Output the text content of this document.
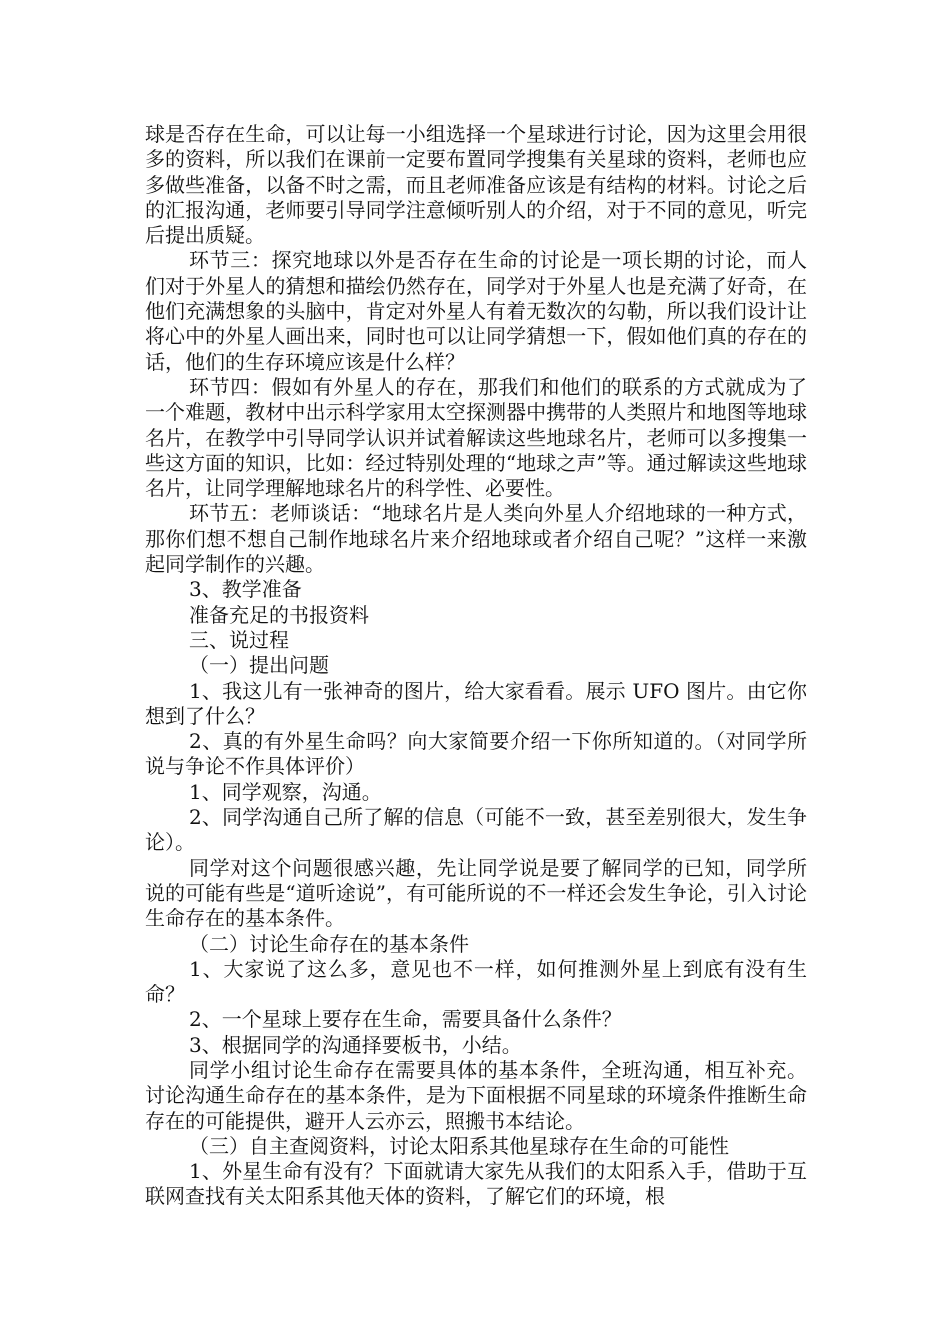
球是否存在生命，可以让每一小组选择一个星球进行讨论，因为这里会用很多的资料，所以我们在课前一定要布置同学搜集有关星球的资料，老师也应多做些准备，以备不时之需，而且老师准备应该是有结构的材料。讨论之后的汇报沟通，老师要引导同学注意倾听别人的介绍，对于不同的意见，听完后提出质疑。

环节三：探究地球以外是否存在生命的讨论是一项长期的讨论，而人们对于外星人的猜想和描绘仍然存在，同学对于外星人也是充满了好奇，在他们充满想象的头脑中，肯定对外星人有着无数次的勾勒，所以我们设计让将心中的外星人画出来，同时也可以让同学猜想一下，假如他们真的存在的话，他们的生存环境应该是什么样？

环节四：假如有外星人的存在，那我们和他们的联系的方式就成为了一个难题，教材中出示科学家用太空探测器中携带的人类照片和地图等地球名片，在教学中引导同学认识并试着解读这些地球名片，老师可以多搜集一些这方面的知识，比如：经过特别处理的“地球之声”等。通过解读这些地球名片，让同学理解地球名片的科学性、必要性。

环节五：老师谈话：“地球名片是人类向外星人介绍地球的一种方式，那你们想不想自己制作地球名片来介绍地球或者介绍自己呢？”这样一来激起同学制作的兴趣。

3、教学准备

准备充足的书报资料

三、说过程

（一）提出问题

1、我这儿有一张神奇的图片，给大家看看。展示 UFO 图片。由它你想到了什么？

2、真的有外星生命吗？向大家简要介绍一下你所知道的。（对同学所说与争论不作具体评价）

1、同学观察，沟通。

2、同学沟通自己所了解的信息（可能不一致，甚至差别很大，发生争论）。

同学对这个问题很感兴趣，先让同学说是要了解同学的已知，同学所说的可能有些是“道听途说”，有可能所说的不一样还会发生争论，引入讨论生命存在的基本条件。

（二）讨论生命存在的基本条件

1、大家说了这么多，意见也不一样，如何推测外星上到底有没有生命？

2、一个星球上要存在生命，需要具备什么条件？

3、根据同学的沟通择要板书，小结。

同学小组讨论生命存在需要具体的基本条件，全班沟通，相互补充。讨论沟通生命存在的基本条件，是为下面根据不同星球的环境条件推断生命存在的可能提供，避开人云亦云，照搬书本结论。

（三）自主查阅资料，讨论太阳系其他星球存在生命的可能性

1、外星生命有没有？下面就请大家先从我们的太阳系入手，借助于互联网查找有关太阳系其他天体的资料，了解它们的环境，根
